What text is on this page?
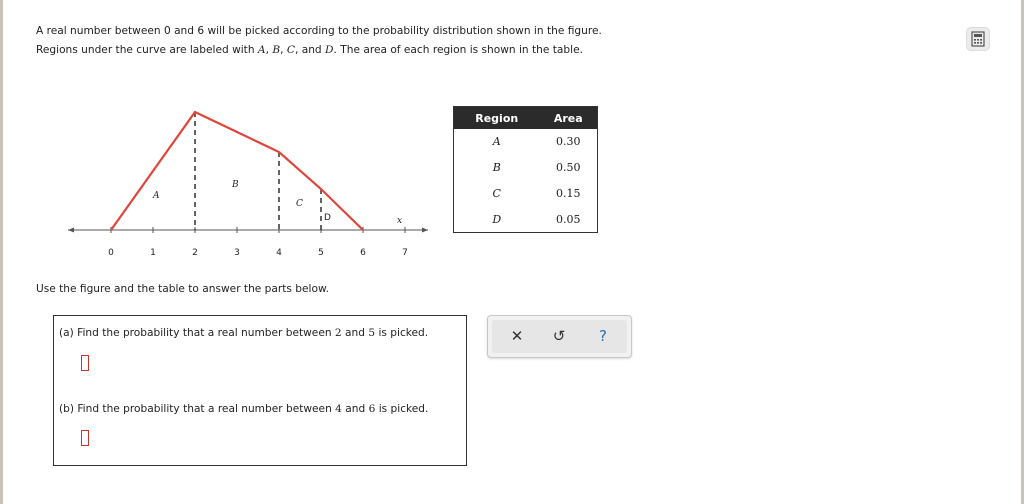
A real number between 0 and 6 will be picked according to the probability distribution shown in the figure.
Regions under the curve are labeled with A, B, C, and D. The area of each region is shown in the table.
A
B
C
D	x
0	1	2	3	4	5	6	7
Region	Area
A	0.30
B	0.50
C	0.15
D	0.05
Use the figure and the table to answer the parts below.
(a) Find the probability that a real number between 2 and 5 is picked.
(b) Find the probability that a real number between 4 and 6 is picked.
✕	↺	?
